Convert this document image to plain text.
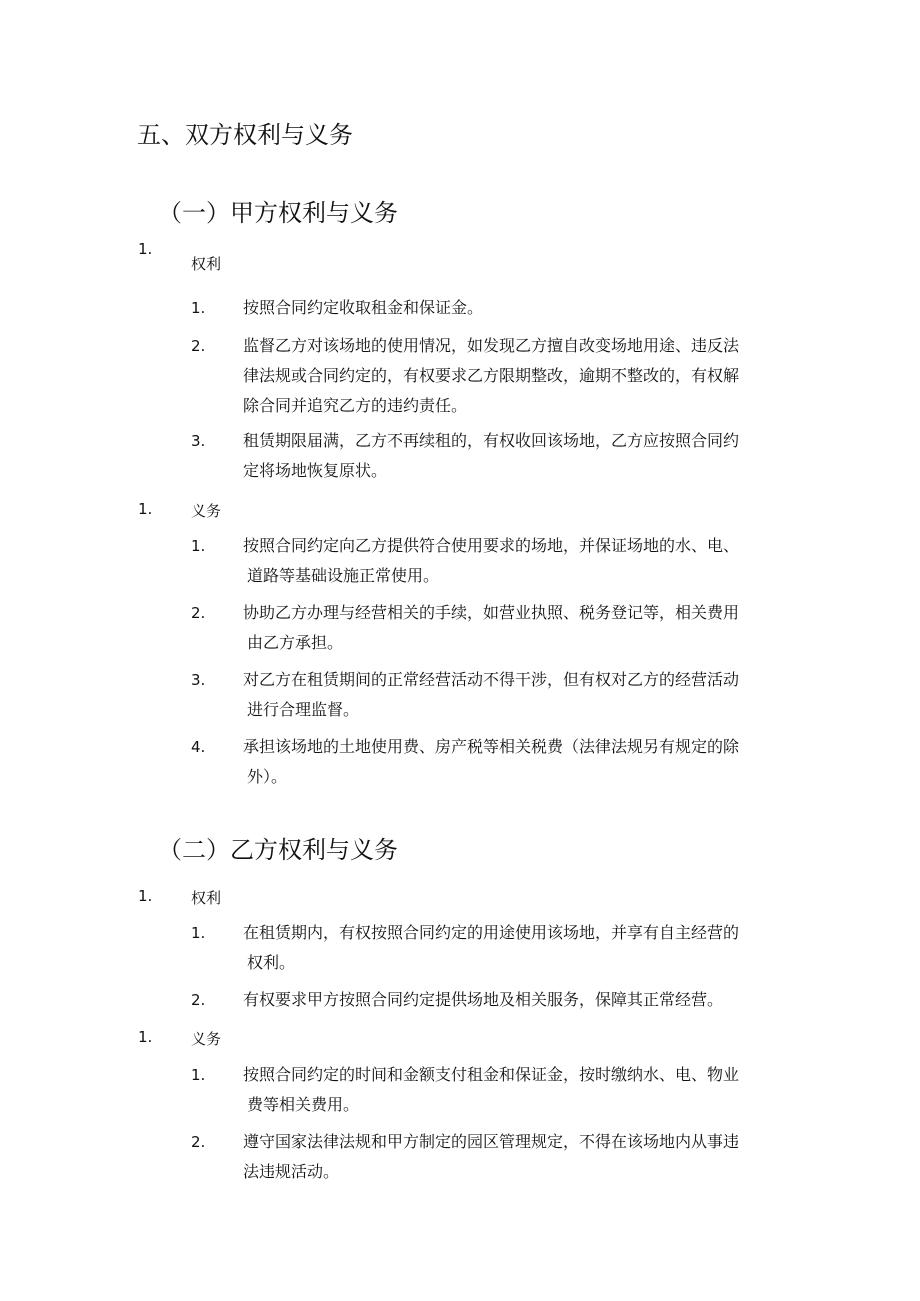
五、双方权利与义务
（一）甲方权利与义务
1.
权利
1. 按照合同约定收取租金和保证金。
2. 监督乙方对该场地的使用情况，如发现乙方擅自改变场地用途、违反法
律法规或合同约定的，有权要求乙方限期整改，逾期不整改的，有权解
除合同并追究乙方的违约责任。
3. 租赁期限届满，乙方不再续租的，有权收回该场地，乙方应按照合同约
定将场地恢复原状。
1.	义务
1. 按照合同约定向乙方提供符合使用要求的场地，并保证场地的水、电、
道路等基础设施正常使用。
2. 协助乙方办理与经营相关的手续，如营业执照、税务登记等，相关费用
由乙方承担。
3. 对乙方在租赁期间的正常经营活动不得干涉，但有权对乙方的经营活动
进行合理监督。
4. 承担该场地的土地使用费、房产税等相关税费（法律法规另有规定的除
外）。
（二）乙方权利与义务
1.	权利
1. 在租赁期内，有权按照合同约定的用途使用该场地，并享有自主经营的
权利。
2. 有权要求甲方按照合同约定提供场地及相关服务，保障其正常经营。
1.	义务
1. 按照合同约定的时间和金额支付租金和保证金，按时缴纳水、电、物业
费等相关费用。
2. 遵守国家法律法规和甲方制定的园区管理规定，不得在该场地内从事违
法违规活动。
